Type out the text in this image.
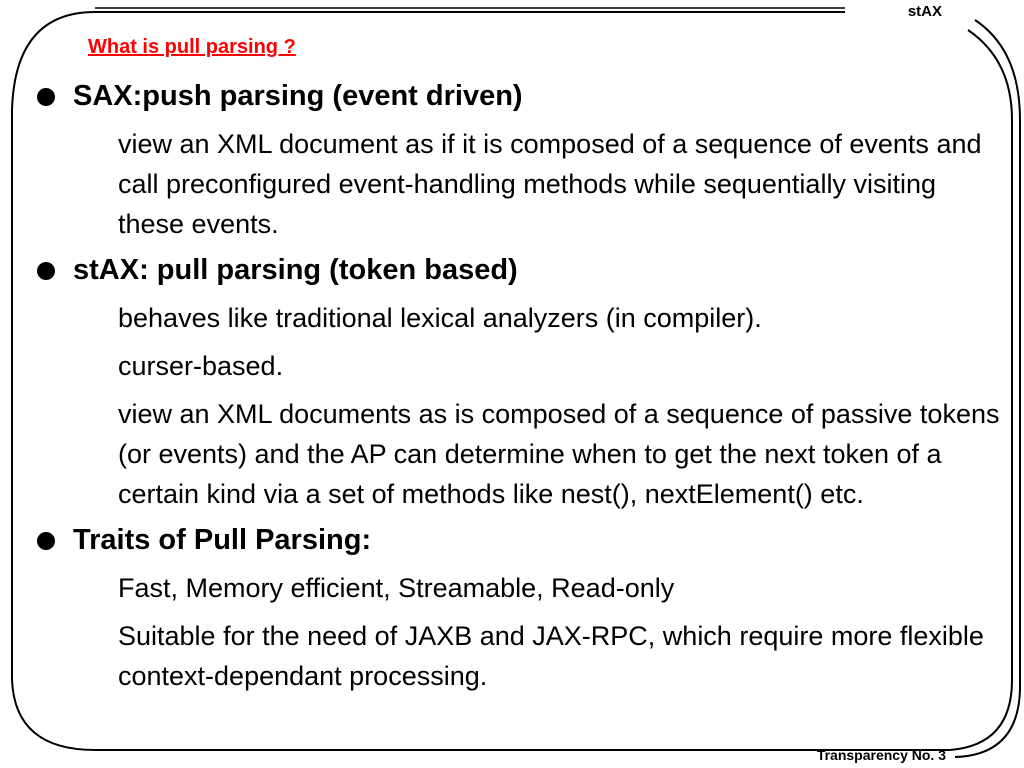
stAX
What is pull parsing ?
SAX:push parsing (event driven)
view an XML document as if it is composed of a sequence of events and call preconfigured event-handling methods while sequentially visiting these events.
stAX: pull parsing (token based)
behaves like traditional lexical analyzers (in compiler).
curser-based.
view an XML documents as is composed of a sequence of passive tokens (or events) and the AP can determine when to get the next token of a certain kind via a set of methods like nest(), nextElement() etc.
Traits of Pull Parsing:
Fast, Memory efficient, Streamable, Read-only
Suitable for the need of JAXB and JAX-RPC, which require more flexible context-dependant processing.
Transparency No. 3
